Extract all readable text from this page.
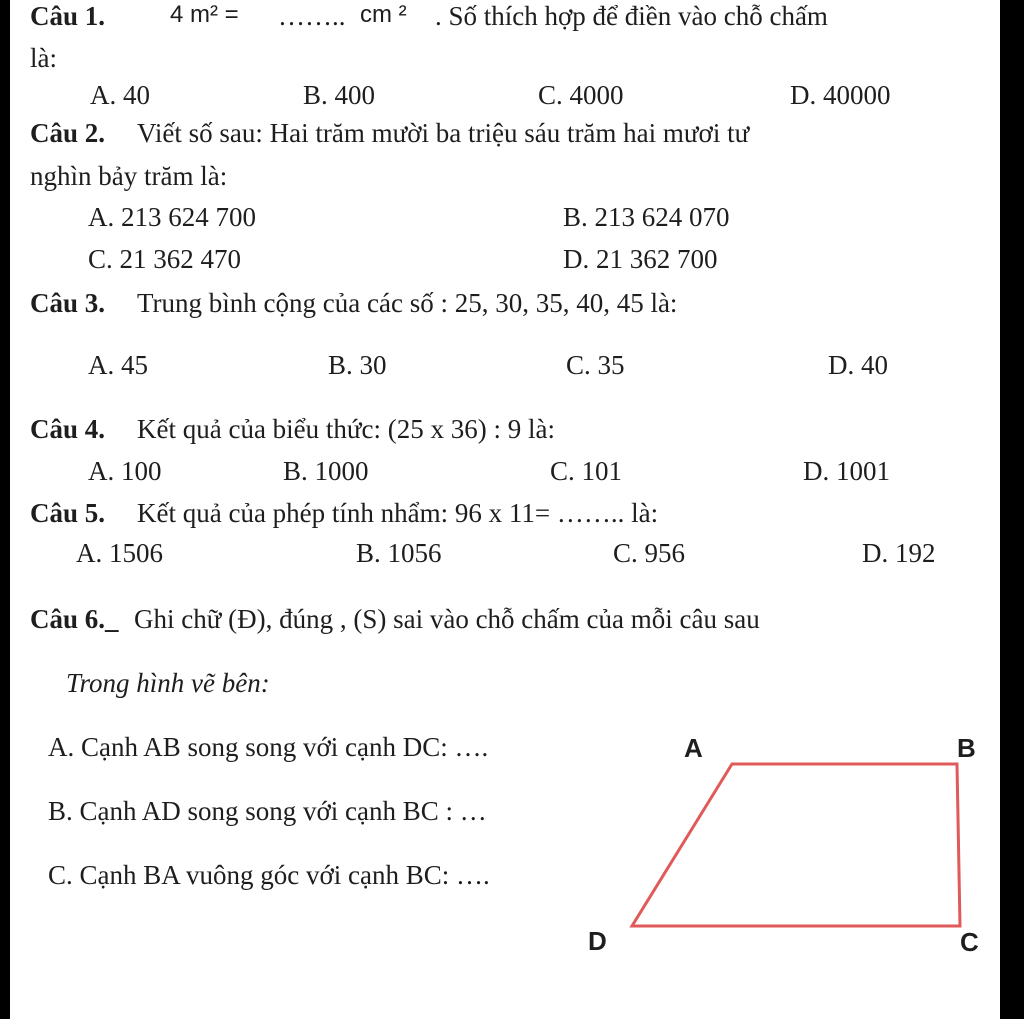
Câu 1.	4 m² = …….. cm ² . Số thích hợp để điền vào chỗ chấm
là:
A. 40	B. 400	C. 4000	D. 40000
Câu 2. Viết số sau: Hai trăm mười ba triệu sáu trăm hai mươi tư
nghìn bảy trăm là:
A. 213 624 700	B. 213 624 070
C. 21 362 470	D. 21 362 700
Câu 3. Trung bình cộng của các số : 25, 30, 35, 40, 45 là:
A. 45	B. 30	C. 35	D. 40
Câu 4. Kết quả của biểu thức: (25 x 36) : 9 là:
A. 100	B. 1000	C. 101	D. 1001
Câu 5. Kết quả của phép tính nhẩm: 96 x 11= …….. là:
A. 1506	B. 1056	C. 956	D. 192
Câu 6._ Ghi chữ (Đ), đúng , (S) sai vào chỗ chấm của mỗi câu sau
Trong hình vẽ bên:
A. Cạnh AB song song với cạnh DC: ….
B. Cạnh AD song song với cạnh BC : …
C. Cạnh BA vuông góc với cạnh BC: ….
A	B
C
D
